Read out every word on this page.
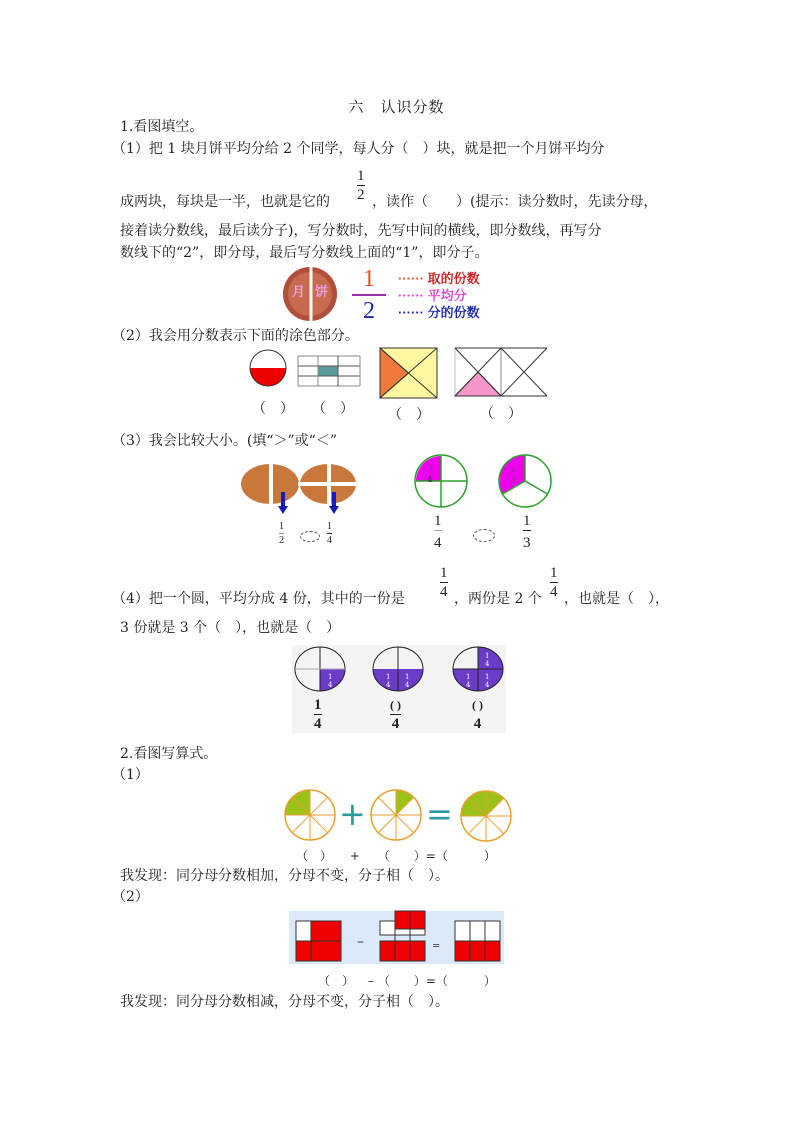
六　认识分数
1.看图填空。
（1）把 1 块月饼平均分给 2 个同学，每人分（　）块，就是把一个月饼平均分
成两块，每块是一半，也就是它的
1
2 ，读作（　　）(提示：读分数时，先读分母，
接着读分数线，最后读分子)，写分数时，先写中间的横线，即分数线，再写分
数线下的“2”，即分母，最后写分数线上面的“1”，即分子。
月 饼
1
2
······ 取的份数
······ 平均分
······ 分的份数
（2）我会用分数表示下面的涂色部分。
（　） （　） （　）	（　）
（3）我会比较大小。(填“＞”或“＜”
1
2
1
4
1
4
1
3
1
4
1
3
（4）把一个圆，平均分成 4 份，其中的一份是
1
4 ，两份是 2 个
1
4 ，也就是（　），
3 份就是 3 个（　），也就是（　）
1
4
1
4
1
4
1
4
1
4
1
4
1
4
( )
4
( )
4
2.看图写算式。
（1）
+ =
（　） + （　　）=（　　　）
我发现：同分母分数相加，分母不变，分子相（　）。
（2）
–	=
（　） – （　　）=（　　　）
我发现：同分母分数相减，分母不变，分子相（　）。
